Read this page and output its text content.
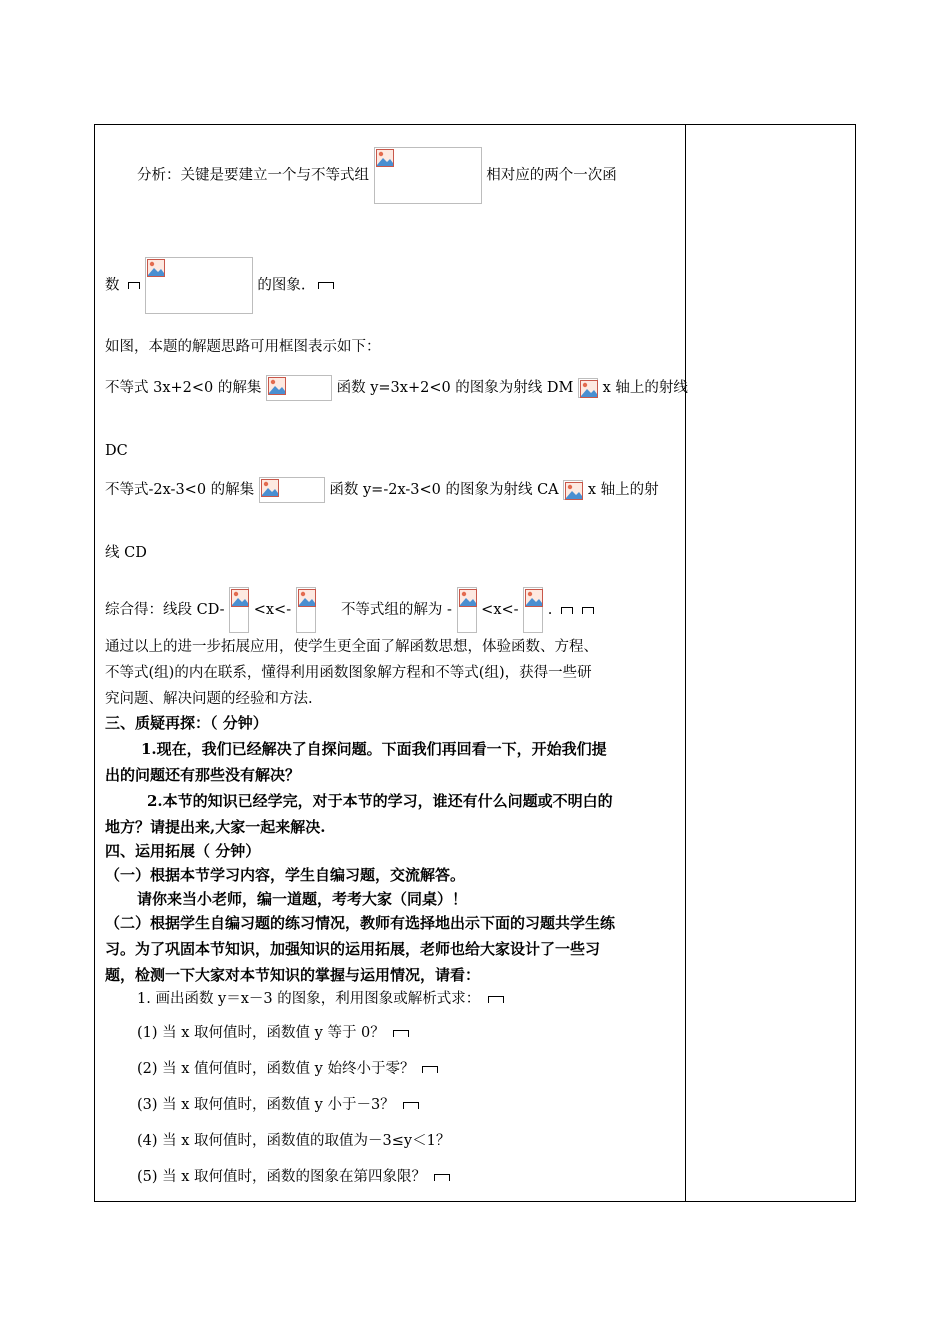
分析：关键是要建立一个与不等式组	相对应的两个一次函
数	的图象.
如图，本题的解题思路可用框图表示如下：
不等式 3x+2<0 的解集	函数 y=3x+2<0 的图象为射线 DM x 轴上的射线
DC
不等式-2x-3<0 的解集	函数 y=-2x-3<0 的图象为射线 CA x 轴上的射
线 CD
综合得：线段 CD- <x<-	不等式组的解为 - <x<- .
通过以上的进一步拓展应用，使学生更全面了解函数思想，体验函数、方程、
不等式(组)的内在联系，懂得利用函数图象解方程和不等式(组)，获得一些研
究问题、解决问题的经验和方法.
三、质疑再探：（ 分钟）
1.现在，我们已经解决了自探问题。下面我们再回看一下，开始我们提
出的问题还有那些没有解决？
2.本节的知识已经学完，对于本节的学习，谁还有什么问题或不明白的
地方？请提出来,大家一起来解决.
四、运用拓展（ 分钟）
（一）根据本节学习内容，学生自编习题，交流解答。
请你来当小老师，编一道题，考考大家（同桌）！
（二）根据学生自编习题的练习情况，教师有选择地出示下面的习题共学生练
习。为了巩固本节知识，加强知识的运用拓展，老师也给大家设计了一些习
题，检测一下大家对本节知识的掌握与运用情况，请看：
1. 画出函数 y＝x－3 的图象，利用图象或解析式求：
(1) 当 x 取何值时，函数值 y 等于 0？
(2) 当 x 值何值时，函数值 y 始终小于零？
(3) 当 x 取何值时，函数值 y 小于－3？
(4) 当 x 取何值时，函数值的取值为－3≤y＜1？
(5) 当 x 取何值时，函数的图象在第四象限？
